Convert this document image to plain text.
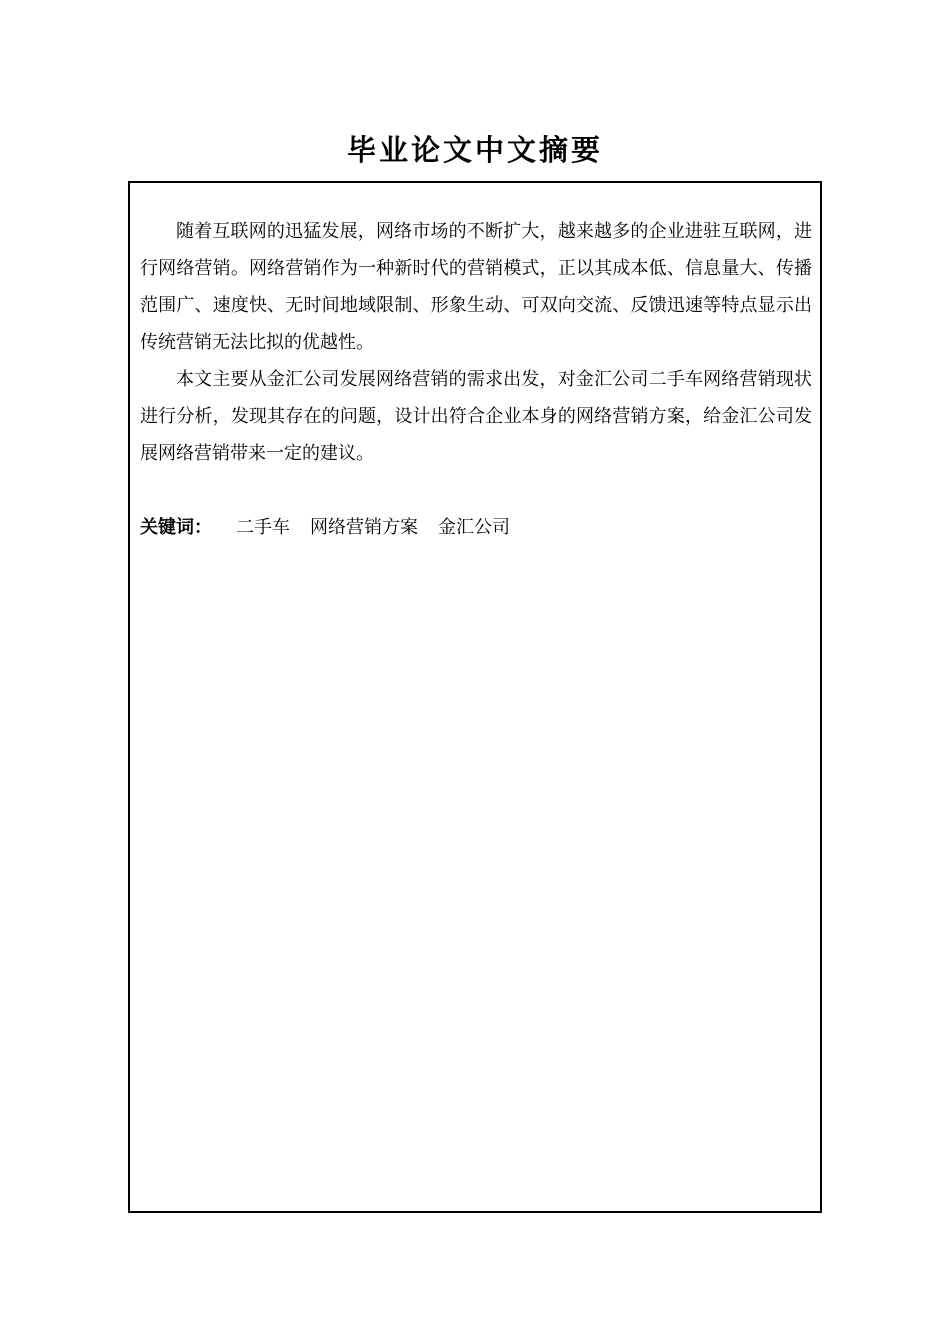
毕业论文中文摘要

随着互联网的迅猛发展，网络市场的不断扩大，越来越多的企业进驻互联网，进行网络营销。网络营销作为一种新时代的营销模式，正以其成本低、信息量大、传播范围广、速度快、无时间地域限制、形象生动、可双向交流、反馈迅速等特点显示出传统营销无法比拟的优越性。

本文主要从金汇公司发展网络营销的需求出发，对金汇公司二手车网络营销现状进行分析，发现其存在的问题，设计出符合企业本身的网络营销方案，给金汇公司发展网络营销带来一定的建议。

关键词： 二手车 网络营销方案 金汇公司
